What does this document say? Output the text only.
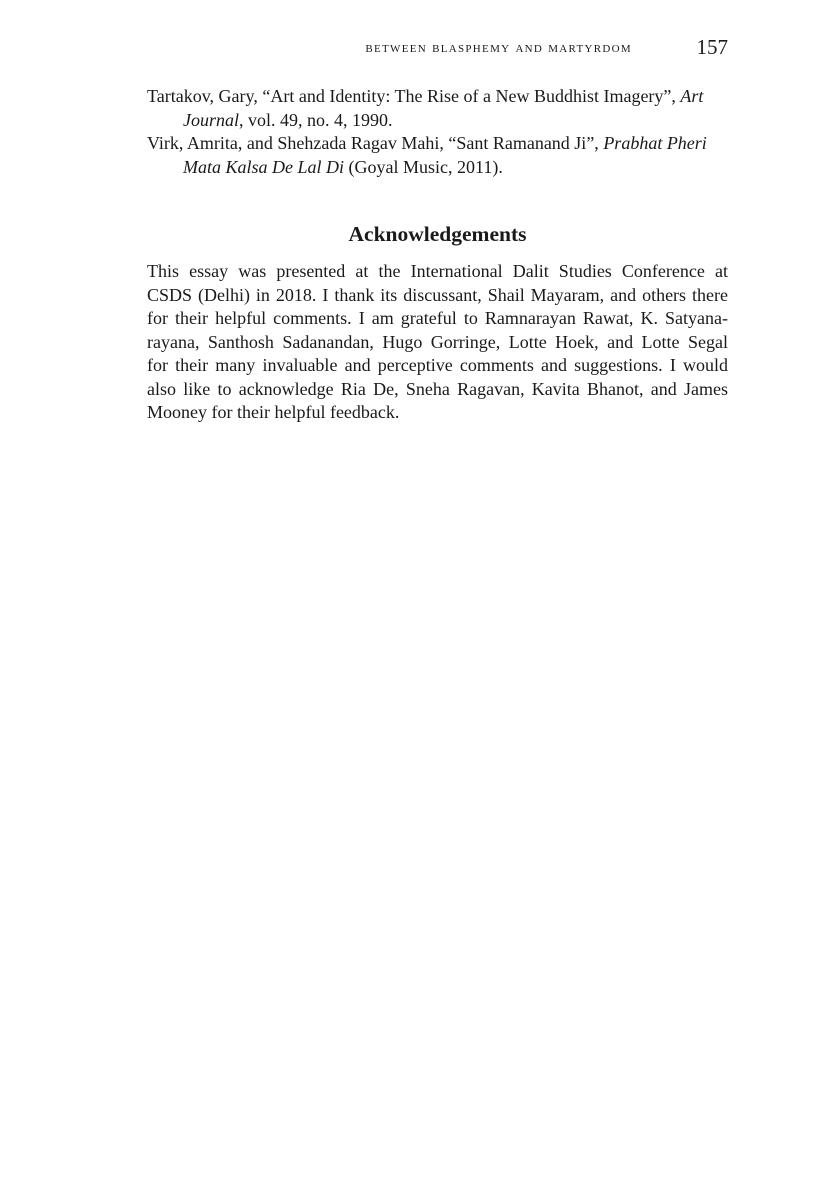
between blasphemy and martyrdom	157

Tartakov, Gary, “Art and Identity: The Rise of a New Buddhist Imagery”, Art Journal, vol. 49, no. 4, 1990.

Virk, Amrita, and Shehzada Ragav Mahi, “Sant Ramanand Ji”, Prabhat Pheri Mata Kalsa De Lal Di (Goyal Music, 2011).

Acknowledgements

This essay was presented at the International Dalit Studies Conference at
CSDS (Delhi) in 2018. I thank its discussant, Shail Mayaram, and others there
for their helpful comments. I am grateful to Ramnarayan Rawat, K. Satyana-
rayana, Santhosh Sadanandan, Hugo Gorringe, Lotte Hoek, and Lotte Segal
for their many invaluable and perceptive comments and suggestions. I would
also like to acknowledge Ria De, Sneha Ragavan, Kavita Bhanot, and James
Mooney for their helpful feedback.
